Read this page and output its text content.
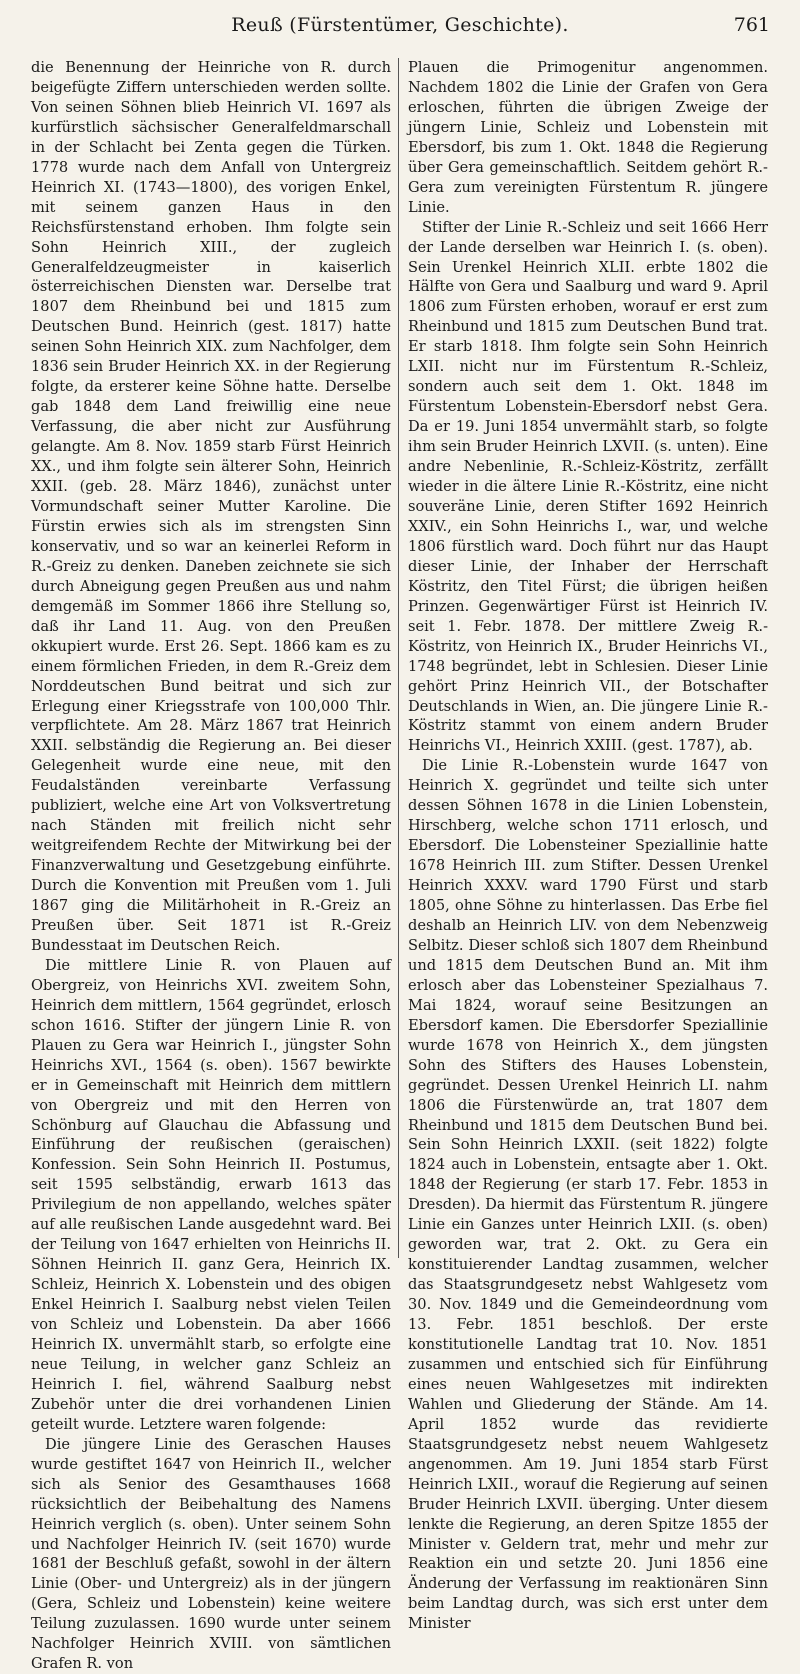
Reuß (Fürstentümer, Geschichte).	761

die Benennung der Heinriche von R. durch beigefügte Ziffern unterschieden werden sollte. Von seinen Söhnen blieb Heinrich VI. 1697 als kurfürstlich sächsischer Generalfeldmarschall in der Schlacht bei Zenta gegen die Türken. 1778 wurde nach dem Anfall von Untergreiz Heinrich XI. (1743—1800), des vorigen Enkel, mit seinem ganzen Haus in den Reichsfürstenstand erhoben. Ihm folgte sein Sohn Heinrich XIII., der zugleich Generalfeldzeugmeister in kaiserlich österreichischen Diensten war. Derselbe trat 1807 dem Rheinbund bei und 1815 zum Deutschen Bund. Heinrich (gest. 1817) hatte seinen Sohn Heinrich XIX. zum Nachfolger, dem 1836 sein Bruder Heinrich XX. in der Regierung folgte, da ersterer keine Söhne hatte. Derselbe gab 1848 dem Land freiwillig eine neue Verfassung, die aber nicht zur Ausführung gelangte. Am 8. Nov. 1859 starb Fürst Heinrich XX., und ihm folgte sein älterer Sohn, Heinrich XXII. (geb. 28. März 1846), zunächst unter Vormundschaft seiner Mutter Karoline. Die Fürstin erwies sich als im strengsten Sinn konservativ, und so war an keinerlei Reform in R.-Greiz zu denken. Daneben zeichnete sie sich durch Abneigung gegen Preußen aus und nahm demgemäß im Sommer 1866 ihre Stellung so, daß ihr Land 11. Aug. von den Preußen okkupiert wurde. Erst 26. Sept. 1866 kam es zu einem förmlichen Frieden, in dem R.-Greiz dem Norddeutschen Bund beitrat und sich zur Erlegung einer Kriegsstrafe von 100,000 Thlr. verpflichtete. Am 28. März 1867 trat Heinrich XXII. selbständig die Regierung an. Bei dieser Gelegenheit wurde eine neue, mit den Feudalständen vereinbarte Verfassung publiziert, welche eine Art von Volksvertretung nach Ständen mit freilich nicht sehr weitgreifendem Rechte der Mitwirkung bei der Finanzverwaltung und Gesetzgebung einführte. Durch die Konvention mit Preußen vom 1. Juli 1867 ging die Militärhoheit in R.-Greiz an Preußen über. Seit 1871 ist R.-Greiz Bundesstaat im Deutschen Reich.

Die mittlere Linie R. von Plauen auf Obergreiz, von Heinrichs XVI. zweitem Sohn, Heinrich dem mittlern, 1564 gegründet, erlosch schon 1616. Stifter der jüngern Linie R. von Plauen zu Gera war Heinrich I., jüngster Sohn Heinrichs XVI., 1564 (s. oben). 1567 bewirkte er in Gemeinschaft mit Heinrich dem mittlern von Obergreiz und mit den Herren von Schönburg auf Glauchau die Abfassung und Einführung der reußischen (geraischen) Konfession. Sein Sohn Heinrich II. Postumus, seit 1595 selbständig, erwarb 1613 das Privilegium de non appellando, welches später auf alle reußischen Lande ausgedehnt ward. Bei der Teilung von 1647 erhielten von Heinrichs II. Söhnen Heinrich II. ganz Gera, Heinrich IX. Schleiz, Heinrich X. Lobenstein und des obigen Enkel Heinrich I. Saalburg nebst vielen Teilen von Schleiz und Lobenstein. Da aber 1666 Heinrich IX. unvermählt starb, so erfolgte eine neue Teilung, in welcher ganz Schleiz an Heinrich I. fiel, während Saalburg nebst Zubehör unter die drei vorhandenen Linien geteilt wurde. Letztere waren folgende:

Die jüngere Linie des Geraschen Hauses wurde gestiftet 1647 von Heinrich II., welcher sich als Senior des Gesamthauses 1668 rücksichtlich der Beibehaltung des Namens Heinrich verglich (s. oben). Unter seinem Sohn und Nachfolger Heinrich IV. (seit 1670) wurde 1681 der Beschluß gefaßt, sowohl in der ältern Linie (Ober- und Untergreiz) als in der jüngern (Gera, Schleiz und Lobenstein) keine weitere Teilung zuzulassen. 1690 wurde unter seinem Nachfolger Heinrich XVIII. von sämtlichen Grafen R. von

Plauen die Primogenitur angenommen. Nachdem 1802 die Linie der Grafen von Gera erloschen, führten die übrigen Zweige der jüngern Linie, Schleiz und Lobenstein mit Ebersdorf, bis zum 1. Okt. 1848 die Regierung über Gera gemeinschaftlich. Seitdem gehört R.-Gera zum vereinigten Fürstentum R. jüngere Linie.

Stifter der Linie R.-Schleiz und seit 1666 Herr der Lande derselben war Heinrich I. (s. oben). Sein Urenkel Heinrich XLII. erbte 1802 die Hälfte von Gera und Saalburg und ward 9. April 1806 zum Fürsten erhoben, worauf er erst zum Rheinbund und 1815 zum Deutschen Bund trat. Er starb 1818. Ihm folgte sein Sohn Heinrich LXII. nicht nur im Fürstentum R.-Schleiz, sondern auch seit dem 1. Okt. 1848 im Fürstentum Lobenstein-Ebersdorf nebst Gera. Da er 19. Juni 1854 unvermählt starb, so folgte ihm sein Bruder Heinrich LXVII. (s. unten). Eine andre Nebenlinie, R.-Schleiz-Köstritz, zerfällt wieder in die ältere Linie R.-Köstritz, eine nicht souveräne Linie, deren Stifter 1692 Heinrich XXIV., ein Sohn Heinrichs I., war, und welche 1806 fürstlich ward. Doch führt nur das Haupt dieser Linie, der Inhaber der Herrschaft Köstritz, den Titel Fürst; die übrigen heißen Prinzen. Gegenwärtiger Fürst ist Heinrich IV. seit 1. Febr. 1878. Der mittlere Zweig R.-Köstritz, von Heinrich IX., Bruder Heinrichs VI., 1748 begründet, lebt in Schlesien. Dieser Linie gehört Prinz Heinrich VII., der Botschafter Deutschlands in Wien, an. Die jüngere Linie R.-Köstritz stammt von einem andern Bruder Heinrichs VI., Heinrich XXIII. (gest. 1787), ab.

Die Linie R.-Lobenstein wurde 1647 von Heinrich X. gegründet und teilte sich unter dessen Söhnen 1678 in die Linien Lobenstein, Hirschberg, welche schon 1711 erlosch, und Ebersdorf. Die Lobensteiner Speziallinie hatte 1678 Heinrich III. zum Stifter. Dessen Urenkel Heinrich XXXV. ward 1790 Fürst und starb 1805, ohne Söhne zu hinterlassen. Das Erbe fiel deshalb an Heinrich LIV. von dem Nebenzweig Selbitz. Dieser schloß sich 1807 dem Rheinbund und 1815 dem Deutschen Bund an. Mit ihm erlosch aber das Lobensteiner Spezialhaus 7. Mai 1824, worauf seine Besitzungen an Ebersdorf kamen. Die Ebersdorfer Speziallinie wurde 1678 von Heinrich X., dem jüngsten Sohn des Stifters des Hauses Lobenstein, gegründet. Dessen Urenkel Heinrich LI. nahm 1806 die Fürstenwürde an, trat 1807 dem Rheinbund und 1815 dem Deutschen Bund bei. Sein Sohn Heinrich LXXII. (seit 1822) folgte 1824 auch in Lobenstein, entsagte aber 1. Okt. 1848 der Regierung (er starb 17. Febr. 1853 in Dresden). Da hiermit das Fürstentum R. jüngere Linie ein Ganzes unter Heinrich LXII. (s. oben) geworden war, trat 2. Okt. zu Gera ein konstituierender Landtag zusammen, welcher das Staatsgrundgesetz nebst Wahlgesetz vom 30. Nov. 1849 und die Gemeindeordnung vom 13. Febr. 1851 beschloß. Der erste konstitutionelle Landtag trat 10. Nov. 1851 zusammen und entschied sich für Einführung eines neuen Wahlgesetzes mit indirekten Wahlen und Gliederung der Stände. Am 14. April 1852 wurde das revidierte Staatsgrundgesetz nebst neuem Wahlgesetz angenommen. Am 19. Juni 1854 starb Fürst Heinrich LXII., worauf die Regierung auf seinen Bruder Heinrich LXVII. überging. Unter diesem lenkte die Regierung, an deren Spitze 1855 der Minister v. Geldern trat, mehr und mehr zur Reaktion ein und setzte 20. Juni 1856 eine Änderung der Verfassung im reaktionären Sinn beim Landtag durch, was sich erst unter dem Minister
